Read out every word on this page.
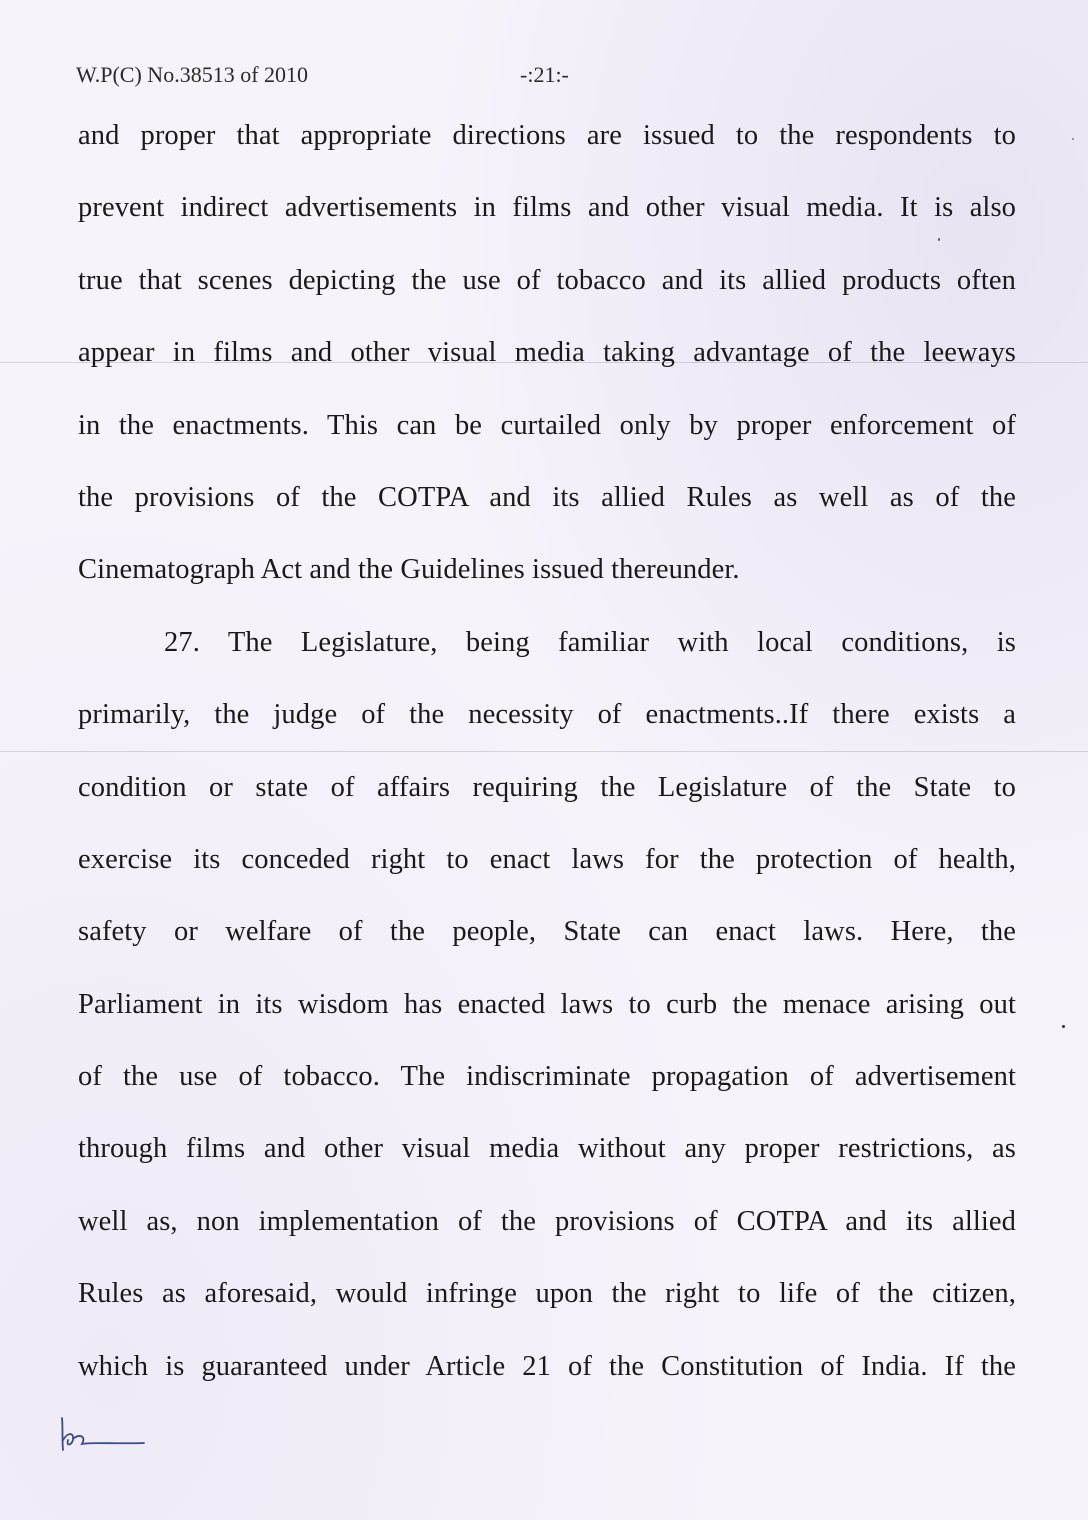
W.P(C) No.38513 of 2010	-:21:-
and proper that appropriate directions are issued to the respondents to
prevent indirect advertisements in films and other visual media. It is also
true that scenes depicting the use of tobacco and its allied products often
appear in films and other visual media taking advantage of the leeways
in the enactments. This can be curtailed only by proper enforcement of
the provisions of the COTPA and its allied Rules as well as of the
Cinematograph Act and the Guidelines issued thereunder.
27. The Legislature, being familiar with local conditions, is
primarily, the judge of the necessity of enactments..If there exists a
condition or state of affairs requiring the Legislature of the State to
exercise its conceded right to enact laws for the protection of health,
safety or welfare of the people, State can enact laws. Here, the
Parliament in its wisdom has enacted laws to curb the menace arising out
of the use of tobacco. The indiscriminate propagation of advertisement
through films and other visual media without any proper restrictions, as
well as, non implementation of the provisions of COTPA and its allied
Rules as aforesaid, would infringe upon the right to life of the citizen,
which is guaranteed under Article 21 of the Constitution of India. If the
